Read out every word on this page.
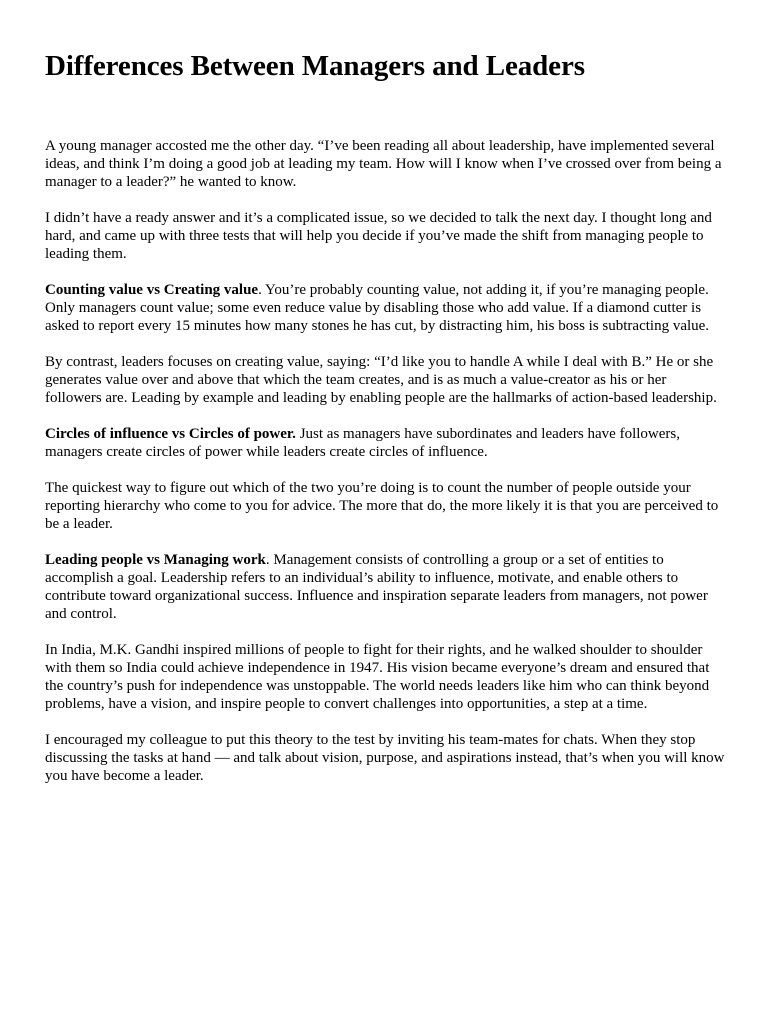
Differences Between Managers and Leaders

A young manager accosted me the other day. “I’ve been reading all about leadership, have implemented several ideas, and think I’m doing a good job at leading my team. How will I know when I’ve crossed over from being a manager to a leader?” he wanted to know.

I didn’t have a ready answer and it’s a complicated issue, so we decided to talk the next day. I thought long and hard, and came up with three tests that will help you decide if you’ve made the shift from managing people to leading them.

Counting value vs Creating value. You’re probably counting value, not adding it, if you’re managing people. Only managers count value; some even reduce value by disabling those who add value. If a diamond cutter is asked to report every 15 minutes how many stones he has cut, by distracting him, his boss is subtracting value.

By contrast, leaders focuses on creating value, saying: “I’d like you to handle A while I deal with B.” He or she generates value over and above that which the team creates, and is as much a value-creator as his or her followers are. Leading by example and leading by enabling people are the hallmarks of action-based leadership.

Circles of influence vs Circles of power. Just as managers have subordinates and leaders have followers, managers create circles of power while leaders create circles of influence.

The quickest way to figure out which of the two you’re doing is to count the number of people outside your reporting hierarchy who come to you for advice. The more that do, the more likely it is that you are perceived to be a leader.

Leading people vs Managing work. Management consists of controlling a group or a set of entities to accomplish a goal. Leadership refers to an individual’s ability to influence, motivate, and enable others to contribute toward organizational success. Influence and inspiration separate leaders from managers, not power and control.

In India, M.K. Gandhi inspired millions of people to fight for their rights, and he walked shoulder to shoulder with them so India could achieve independence in 1947. His vision became everyone’s dream and ensured that the country’s push for independence was unstoppable. The world needs leaders like him who can think beyond problems, have a vision, and inspire people to convert challenges into opportunities, a step at a time.

I encouraged my colleague to put this theory to the test by inviting his team-mates for chats. When they stop discussing the tasks at hand — and talk about vision, purpose, and aspirations instead, that’s when you will know you have become a leader.
